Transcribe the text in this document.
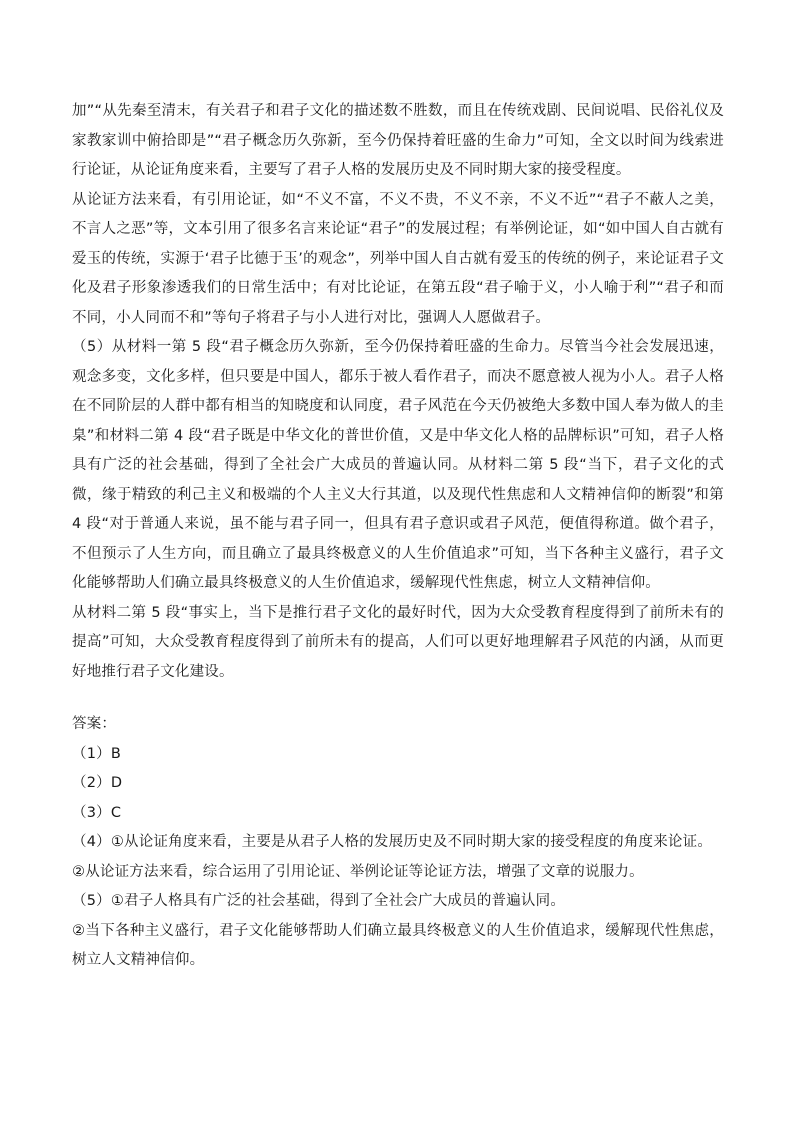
加”“从先秦至清末，有关君子和君子文化的描述数不胜数，而且在传统戏剧、民间说唱、民俗礼仪及家教家训中俯拾即是”“君子概念历久弥新，至今仍保持着旺盛的生命力”可知，全文以时间为线索进行论证，从论证角度来看，主要写了君子人格的发展历史及不同时期大家的接受程度。

从论证方法来看，有引用论证，如“不义不富，不义不贵，不义不亲，不义不近”“君子不蔽人之美，不言人之恶”等，文本引用了很多名言来论证“君子”的发展过程；有举例论证，如“如中国人自古就有爱玉的传统，实源于‘君子比德于玉’的观念”，列举中国人自古就有爱玉的传统的例子，来论证君子文化及君子形象渗透我们的日常生活中；有对比论证，在第五段“君子喻于义，小人喻于利”“君子和而不同，小人同而不和”等句子将君子与小人进行对比，强调人人愿做君子。

（5）从材料一第 5 段“君子概念历久弥新，至今仍保持着旺盛的生命力。尽管当今社会发展迅速，观念多变，文化多样，但只要是中国人，都乐于被人看作君子，而决不愿意被人视为小人。君子人格在不同阶层的人群中都有相当的知晓度和认同度，君子风范在今天仍被绝大多数中国人奉为做人的圭臬”和材料二第 4 段“君子既是中华文化的普世价值，又是中华文化人格的品牌标识”可知，君子人格具有广泛的社会基础，得到了全社会广大成员的普遍认同。从材料二第 5 段“当下，君子文化的式微，缘于精致的利己主义和极端的个人主义大行其道，以及现代性焦虑和人文精神信仰的断裂”和第 4 段“对于普通人来说，虽不能与君子同一，但具有君子意识或君子风范，便值得称道。做个君子，不但预示了人生方向，而且确立了最具终极意义的人生价值追求”可知，当下各种主义盛行，君子文化能够帮助人们确立最具终极意义的人生价值追求，缓解现代性焦虑，树立人文精神信仰。

从材料二第 5 段“事实上，当下是推行君子文化的最好时代，因为大众受教育程度得到了前所未有的提高”可知，大众受教育程度得到了前所未有的提高，人们可以更好地理解君子风范的内涵，从而更好地推行君子文化建设。

答案：

（1）B

（2）D

（3）C

（4）①从论证角度来看，主要是从君子人格的发展历史及不同时期大家的接受程度的角度来论证。

②从论证方法来看，综合运用了引用论证、举例论证等论证方法，增强了文章的说服力。

（5）①君子人格具有广泛的社会基础，得到了全社会广大成员的普遍认同。

②当下各种主义盛行，君子文化能够帮助人们确立最具终极意义的人生价值追求，缓解现代性焦虑，树立人文精神信仰。
